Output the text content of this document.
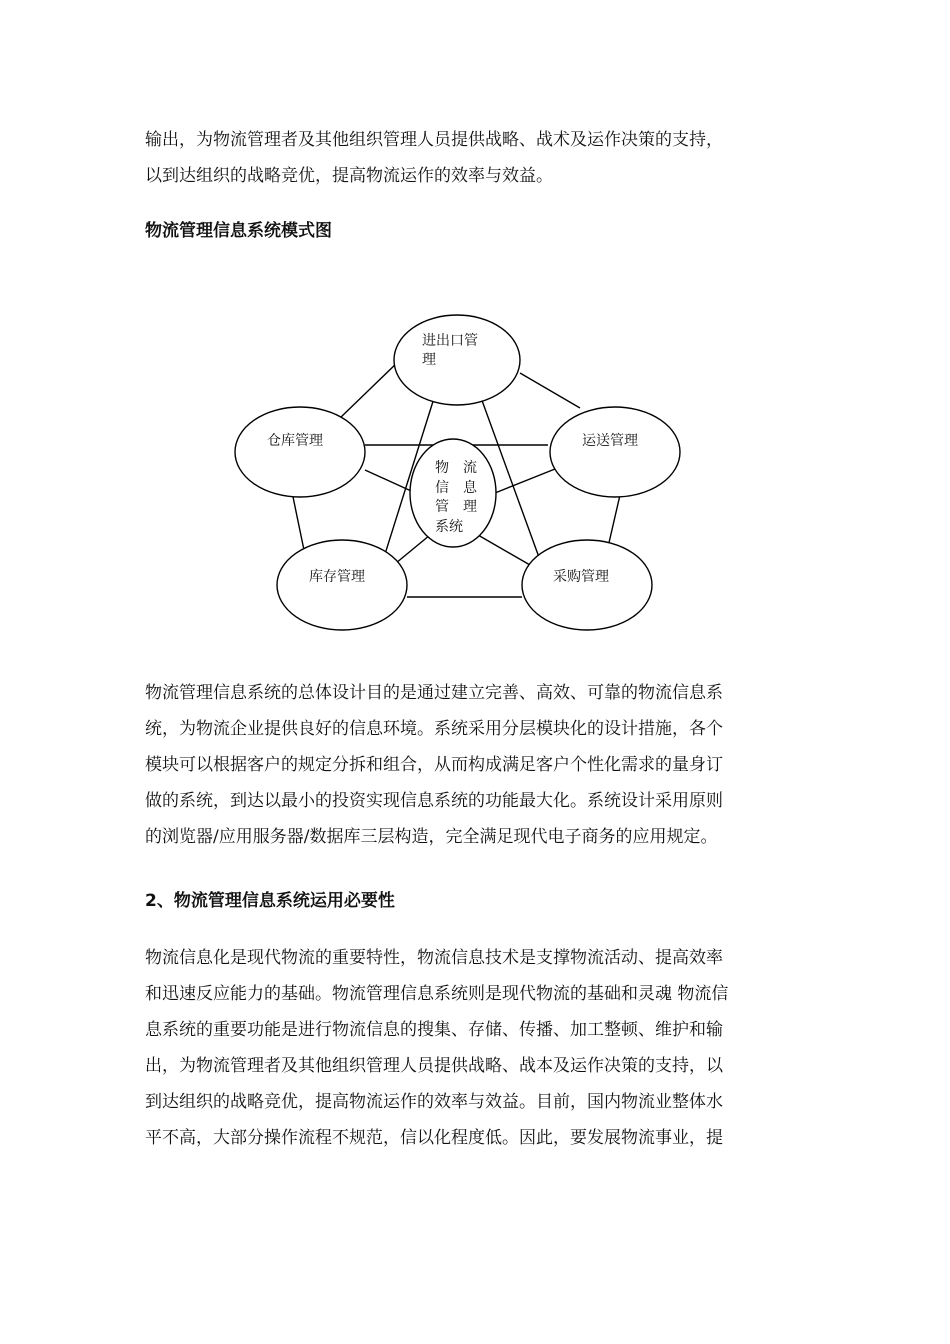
输出，为物流管理者及其他组织管理人员提供战略、战术及运作决策的支持，
以到达组织的战略竞优，提高物流运作的效率与效益。
物流管理信息系统模式图
进出口管
理
仓库管理	运送管理
库存管理	采购管理
物　流
信　息
管　理
系统
物流管理信息系统的总体设计目的是通过建立完善、高效、可靠的物流信息系
统，为物流企业提供良好的信息环境。系统采用分层模块化的设计措施，各个
模块可以根据客户的规定分拆和组合，从而构成满足客户个性化需求的量身订
做的系统，到达以最小的投资实现信息系统的功能最大化。系统设计采用原则
的浏览器/应用服务器/数据库三层构造，完全满足现代电子商务的应用规定。
2、物流管理信息系统运用必要性
物流信息化是现代物流的重要特性，物流信息技术是支撑物流活动、提高效率
和迅速反应能力的基础。物流管理信息系统则是现代物流的基础和灵魂 物流信
息系统的重要功能是进行物流信息的搜集、存储、传播、加工整顿、维护和输
出，为物流管理者及其他组织管理人员提供战略、战本及运作决策的支持，以
到达组织的战略竞优，提高物流运作的效率与效益。目前，国内物流业整体水
平不高，大部分操作流程不规范，信以化程度低。因此，要发展物流事业，提
